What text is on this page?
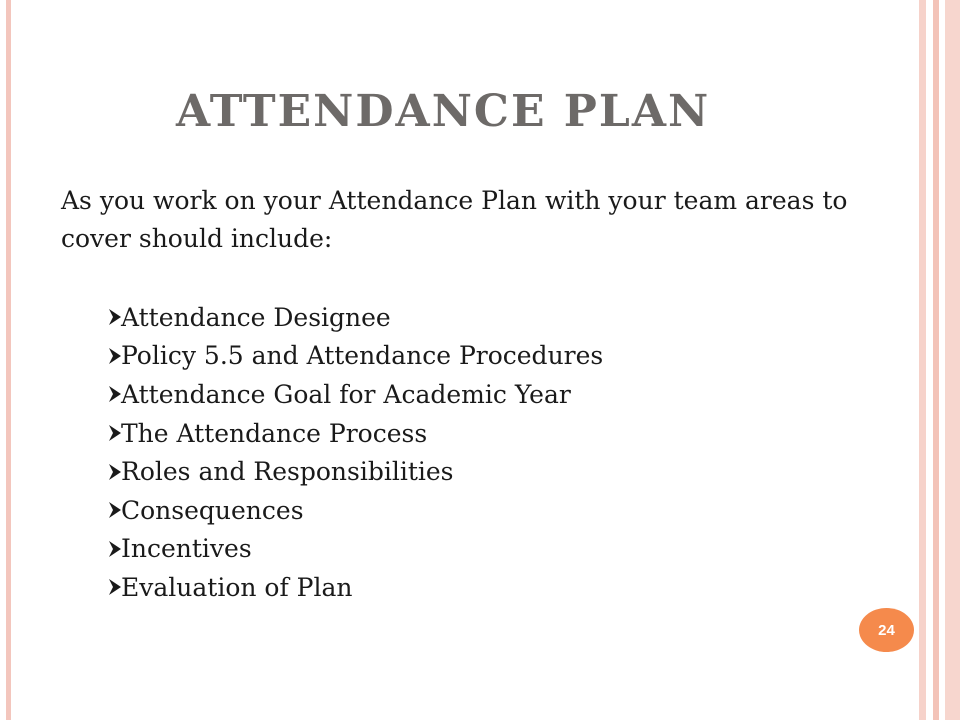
ATTENDANCE PLAN
As you work on your Attendance Plan with your team areas to cover should include:
Attendance Designee
Policy 5.5 and Attendance Procedures
Attendance Goal for Academic Year
The Attendance Process
Roles and Responsibilities
Consequences
Incentives
Evaluation of Plan
24
